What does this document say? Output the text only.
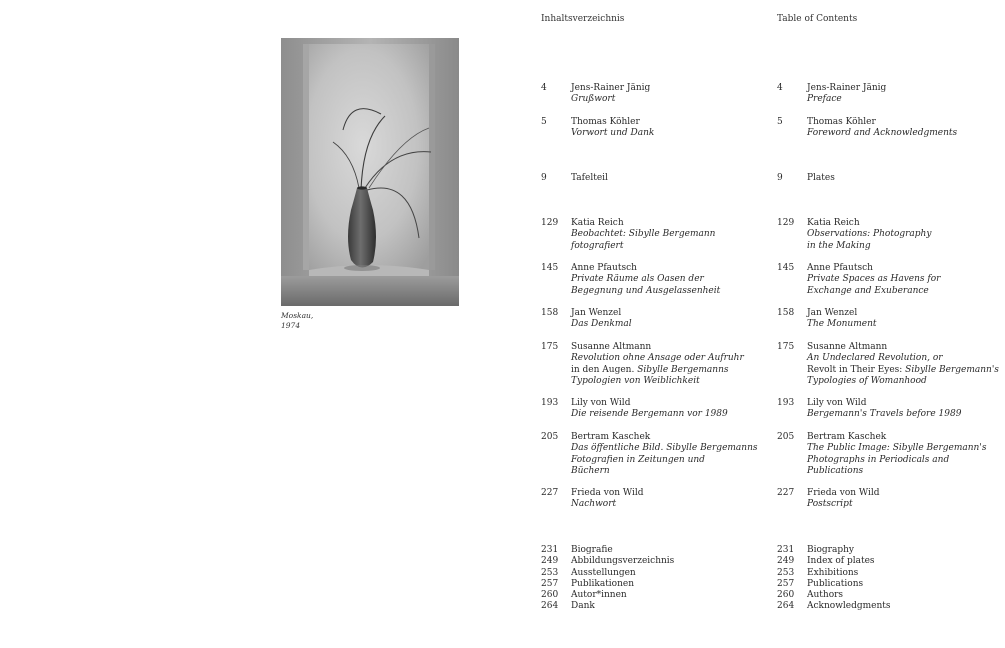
Moskau,
1974
Inhaltsverzeichnis
4	Jens-Rainer Jänig
Grußwort
5	Thomas Köhler
Vorwort und Dank
9	Tafelteil
129 Katia Reich
Beobachtet: Sibylle Bergemann
fotografiert
145 Anne Pfautsch
Private Räume als Oasen der
Begegnung und Ausgelassenheit
158 Jan Wenzel
Das Denkmal
175 Susanne Altmann
Revolution ohne Ansage oder Aufruhr
in den Augen. Sibylle Bergemanns
Typologien von Weiblichkeit
193 Lily von Wild
Die reisende Bergemann vor 1989
205 Bertram Kaschek
Das öffentliche Bild. Sibylle Bergemanns
Fotografien in Zeitungen und
Büchern
227 Frieda von Wild
Nachwort
231 Biografie
249 Abbildungsverzeichnis
253 Ausstellungen
257 Publikationen
260 Autor*innen
264 Dank
Table of Contents
4	Jens-Rainer Jänig
Preface
5	Thomas Köhler
Foreword and Acknowledgments
9	Plates
129 Katia Reich
Observations: Photography
in the Making
145 Anne Pfautsch
Private Spaces as Havens for
Exchange and Exuberance
158 Jan Wenzel
The Monument
175 Susanne Altmann
An Undeclared Revolution, or
Revolt in Their Eyes: Sibylle Bergemann's
Typologies of Womanhood
193 Lily von Wild
Bergemann's Travels before 1989
205 Bertram Kaschek
The Public Image: Sibylle Bergemann's
Photographs in Periodicals and
Publications
227 Frieda von Wild
Postscript
231 Biography
249 Index of plates
253 Exhibitions
257 Publications
260 Authors
264 Acknowledgments
